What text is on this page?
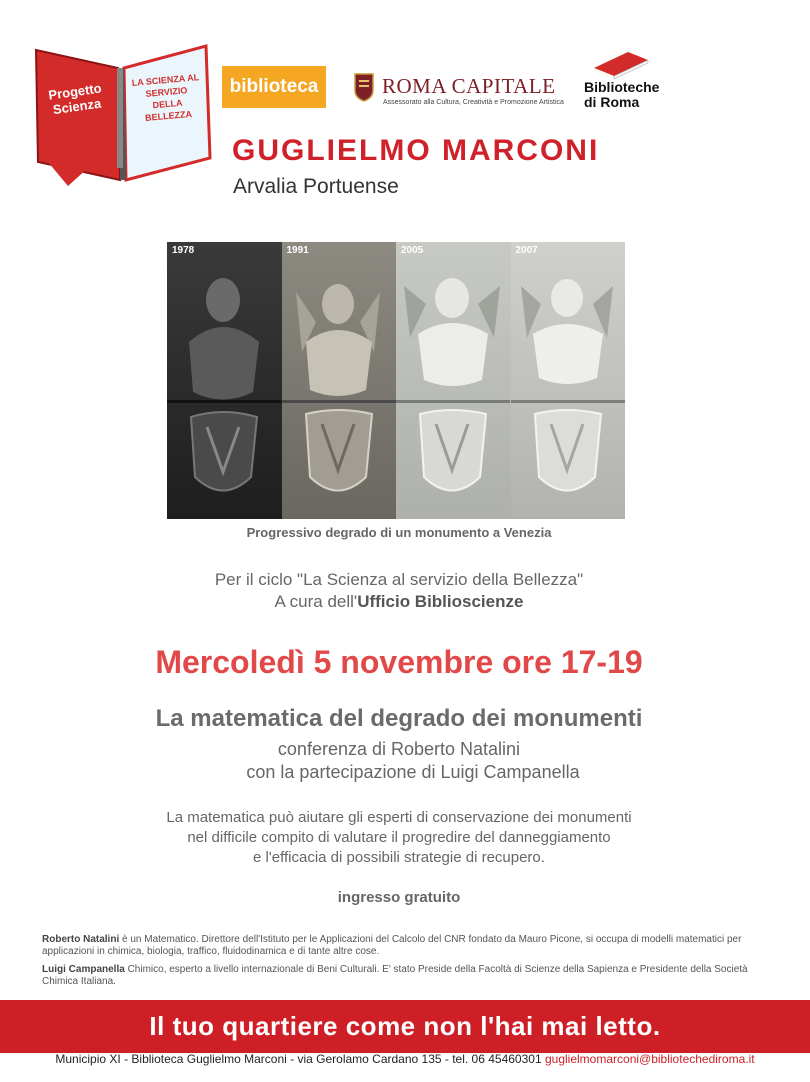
Progetto Scienza
LA SCIENZA AL SERVIZIO DELLA BELLEZZA
biblioteca	ROMA CAPITALE
Assessorato alla Cultura, Creatività e Promozione Artistica
Biblioteche di Roma
GUGLIELMO MARCONI
Arvalia Portuense
1978	1991	2005	2007
Progressivo degrado di un monumento a Venezia
Per il ciclo "La Scienza al servizio della Bellezza"
A cura dell'Ufficio Biblioscienze
Mercoledì 5 novembre ore 17-19
La matematica del degrado dei monumenti
conferenza di Roberto Natalini
con la partecipazione di Luigi Campanella
La matematica può aiutare gli esperti di conservazione dei monumenti
nel difficile compito di valutare il progredire del danneggiamento
e l'efficacia di possibili strategie di recupero.
ingresso gratuito
Roberto Natalini è un Matematico. Direttore dell'Istituto per le Applicazioni del Calcolo del CNR fondato da Mauro Picone, si occupa di modelli matematici per applicazioni in chimica, biologia, traffico, fluidodinamica e di tante altre cose.
Luigi Campanella Chimico, esperto a livello internazionale di Beni Culturali. E' stato Preside della Facoltà di Scienze della Sapienza e Presidente della Società Chimica Italiana.
Il tuo quartiere come non l'hai mai letto.
Municipio XI - Biblioteca Guglielmo Marconi - via Gerolamo Cardano 135 - tel. 06 45460301 guglielmomarconi@bibliotechediroma.it
